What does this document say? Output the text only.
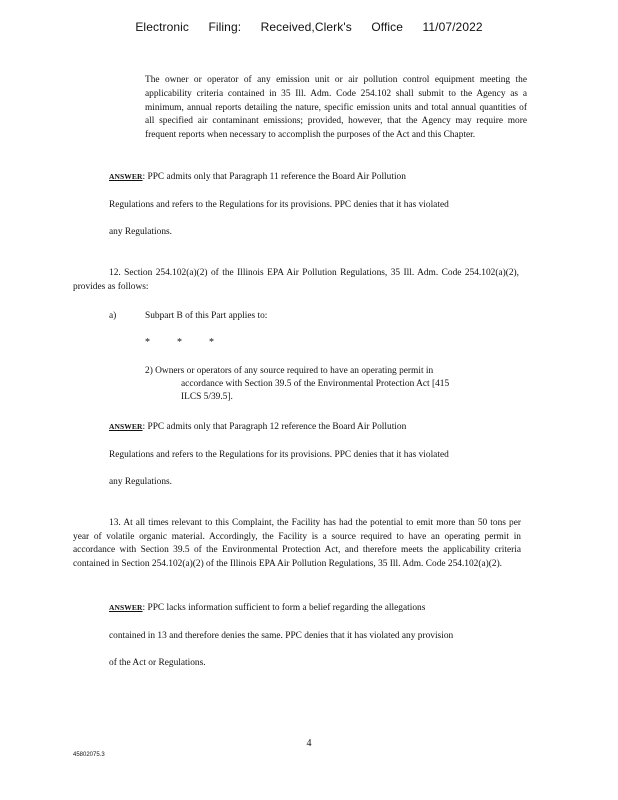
Electronic Filing: Received,Clerk's Office 11/07/2022
The owner or operator of any emission unit or air pollution control equipment meeting the applicability criteria contained in 35 Ill. Adm. Code 254.102 shall submit to the Agency as a minimum, annual reports detailing the nature, specific emission units and total annual quantities of all specified air contaminant emissions; provided, however, that the Agency may require more frequent reports when necessary to accomplish the purposes of the Act and this Chapter.
ANSWER: PPC admits only that Paragraph 11 reference the Board Air Pollution
Regulations and refers to the Regulations for its provisions. PPC denies that it has violated
any Regulations.
12. Section 254.102(a)(2) of the Illinois EPA Air Pollution Regulations, 35 Ill. Adm. Code 254.102(a)(2), provides as follows:
a)	Subpart B of this Part applies to:
*	*	*
2) Owners or operators of any source required to have an operating permit in
accordance with Section 39.5 of the Environmental Protection Act [415
ILCS 5/39.5].
ANSWER: PPC admits only that Paragraph 12 reference the Board Air Pollution
Regulations and refers to the Regulations for its provisions. PPC denies that it has violated
any Regulations.
13. At all times relevant to this Complaint, the Facility has had the potential to emit more than 50 tons per year of volatile organic material. Accordingly, the Facility is a source required to have an operating permit in accordance with Section 39.5 of the Environmental Protection Act, and therefore meets the applicability criteria contained in Section 254.102(a)(2) of the Illinois EPA Air Pollution Regulations, 35 Ill. Adm. Code 254.102(a)(2).
ANSWER: PPC lacks information sufficient to form a belief regarding the allegations
contained in 13 and therefore denies the same. PPC denies that it has violated any provision
of the Act or Regulations.
4
45802075.3
